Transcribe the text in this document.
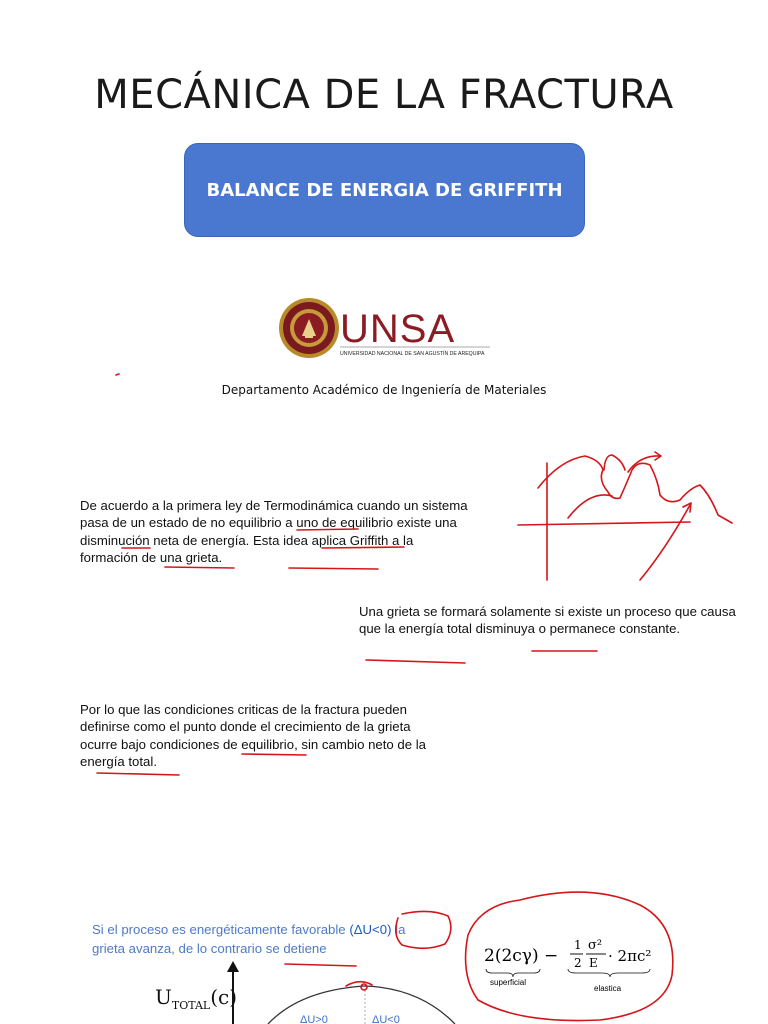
MECÁNICA DE LA FRACTURA
BALANCE DE ENERGIA DE GRIFFITH
UNSA
UNIVERSIDAD NACIONAL DE SAN AGUSTÍN DE AREQUIPA
Departamento Académico de Ingeniería de Materiales
De acuerdo a la primera ley de Termodinámica cuando un sistema pasa de un estado de no equilibrio a uno de equilibrio existe una disminución neta de energía. Esta idea aplica Griffith a la formación de una grieta.
Una grieta se formará solamente si existe un proceso que causa que la energía total disminuya o permanece constante.
Por lo que las condiciones criticas de la fractura pueden definirse como el punto donde el crecimiento de la grieta ocurre bajo condiciones de equilibrio, sin cambio neto de la energía total.
Si el proceso es energéticamente favorable (ΔU<0) la
grieta avanza, de lo contrario se detiene
$U_{TOTAL}(c)$
2(2cγ) −
1
2
σ²
E · 2πc²
superficial
elastica
ΔU>0	ΔU<0
